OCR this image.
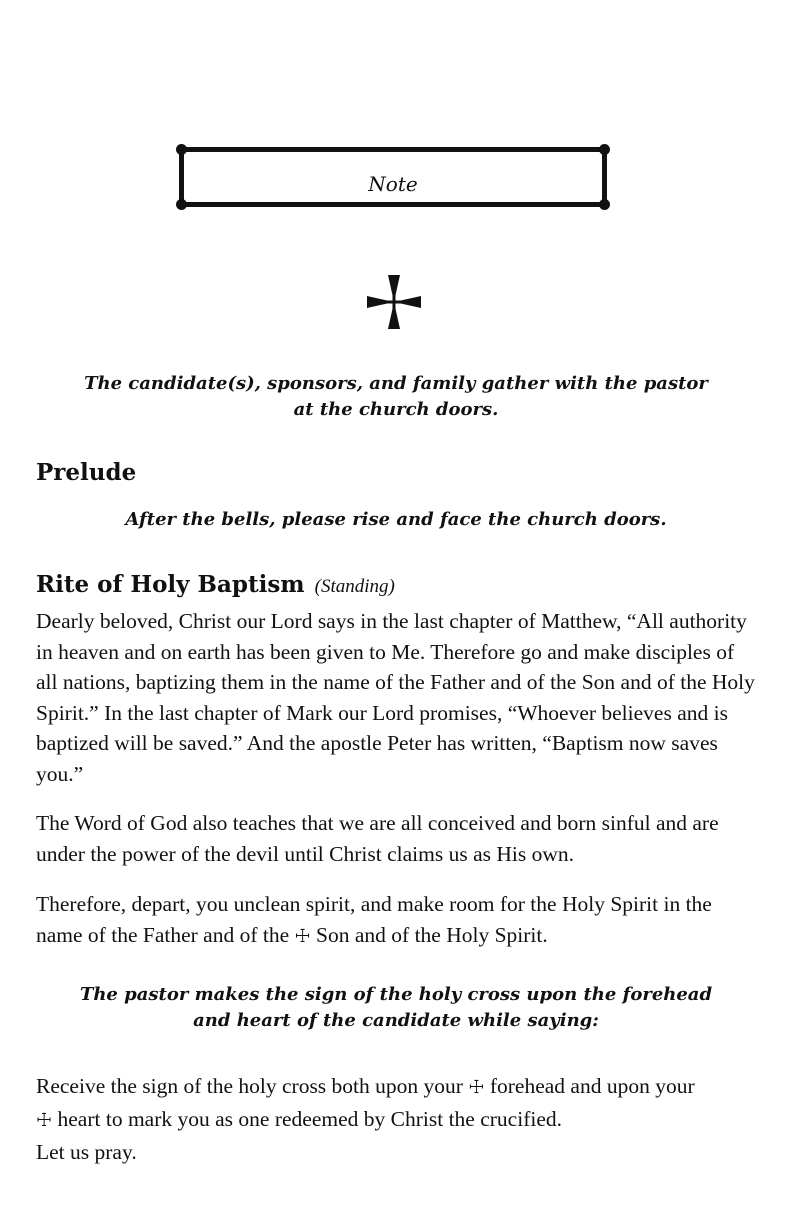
Note

The candidate(s), sponsors, and family gather with the pastor
at the church doors.

Prelude

After the bells, please rise and face the church doors.

Rite of Holy Baptism (Standing)

Dearly beloved, Christ our Lord says in the last chapter of Matthew, “All authority in heaven and on earth has been given to Me. Therefore go and make disciples of all nations, baptizing them in the name of the Father and of the Son and of the Holy Spirit.” In the last chapter of Mark our Lord promises, “Whoever believes and is baptized will be saved.” And the apostle Peter has written, “Baptism now saves you.”

The Word of God also teaches that we are all conceived and born sinful and are under the power of the devil until Christ claims us as His own.

Therefore, depart, you unclean spirit, and make room for the Holy Spirit in the name of the Father and of the ☩ Son and of the Holy Spirit.

The pastor makes the sign of the holy cross upon the forehead
and heart of the candidate while saying:

Receive the sign of the holy cross both upon your ☩ forehead and upon your
☩ heart to mark you as one redeemed by Christ the crucified.

Let us pray.
